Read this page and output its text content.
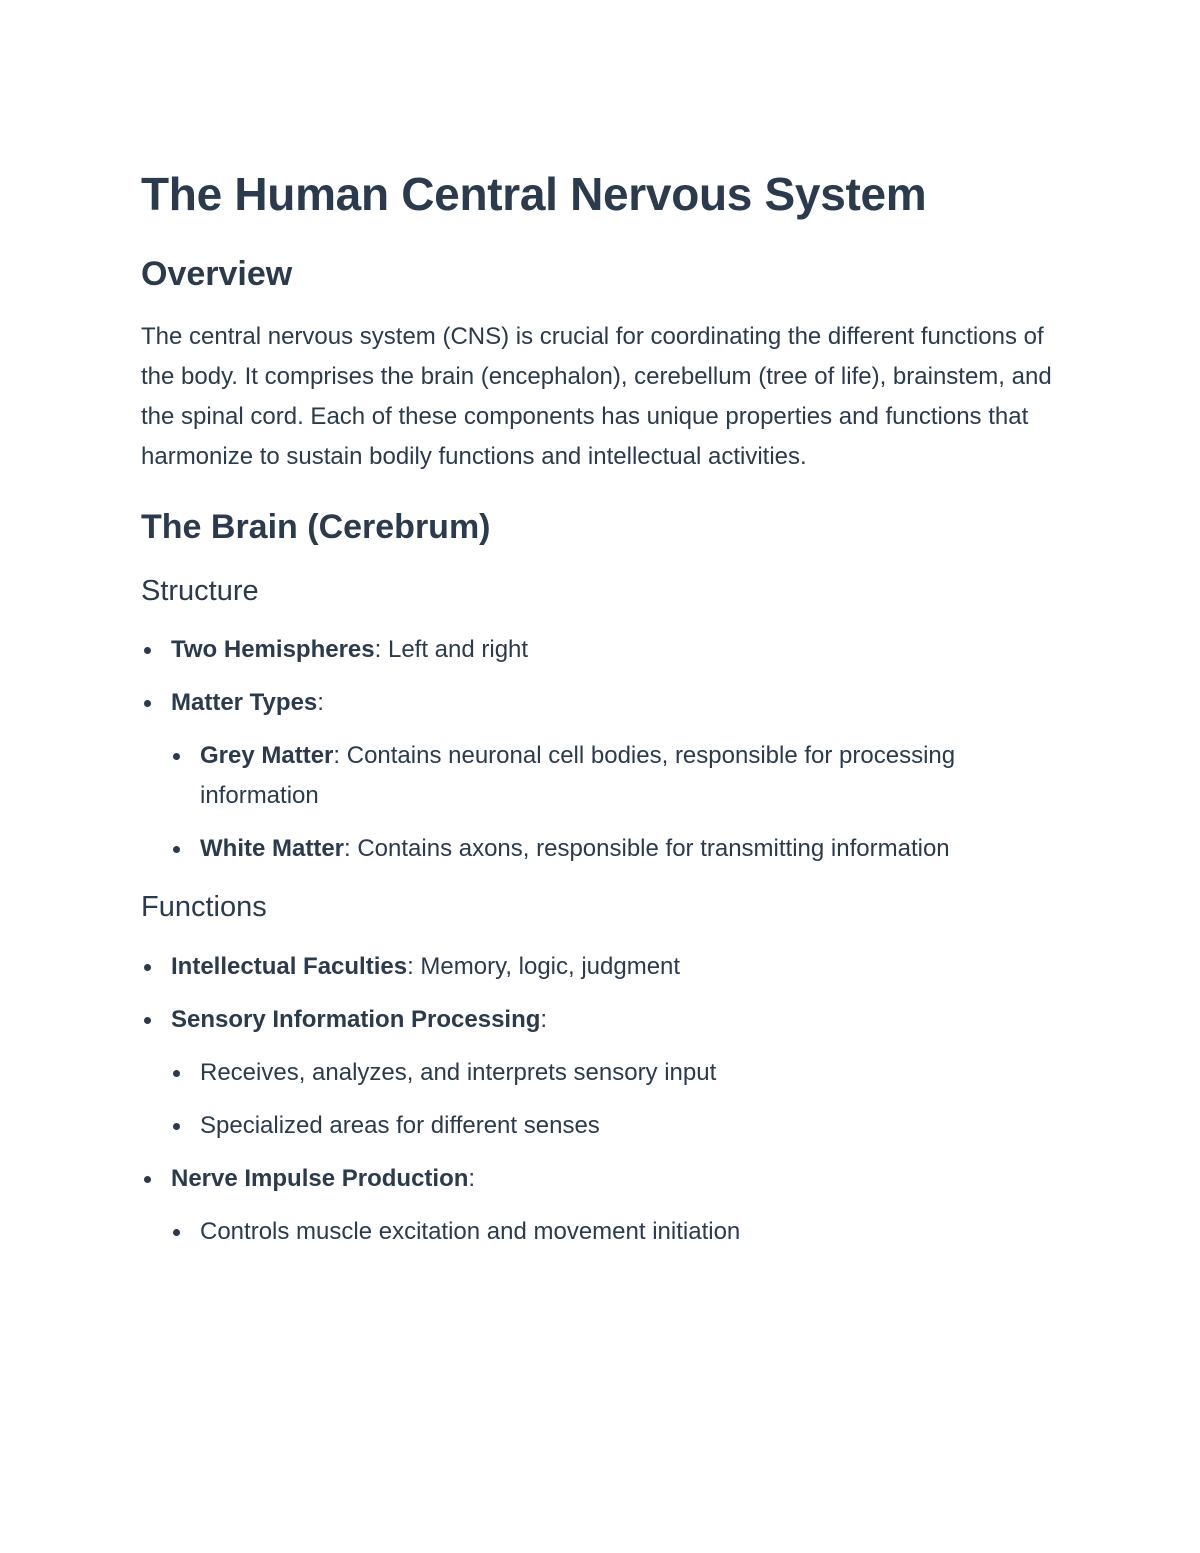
The Human Central Nervous System
Overview

The central nervous system (CNS) is crucial for coordinating the different functions of the body. It comprises the brain (encephalon), cerebellum (tree of life), brainstem, and the spinal cord. Each of these components has unique properties and functions that harmonize to sustain bodily functions and intellectual activities.

The Brain (Cerebrum)
Structure
Two Hemispheres: Left and right
Matter Types:
Grey Matter: Contains neuronal cell bodies, responsible for processing information
White Matter: Contains axons, responsible for transmitting information
Functions
Intellectual Faculties: Memory, logic, judgment
Sensory Information Processing:
Receives, analyzes, and interprets sensory input
Specialized areas for different senses
Nerve Impulse Production:
Controls muscle excitation and movement initiation
